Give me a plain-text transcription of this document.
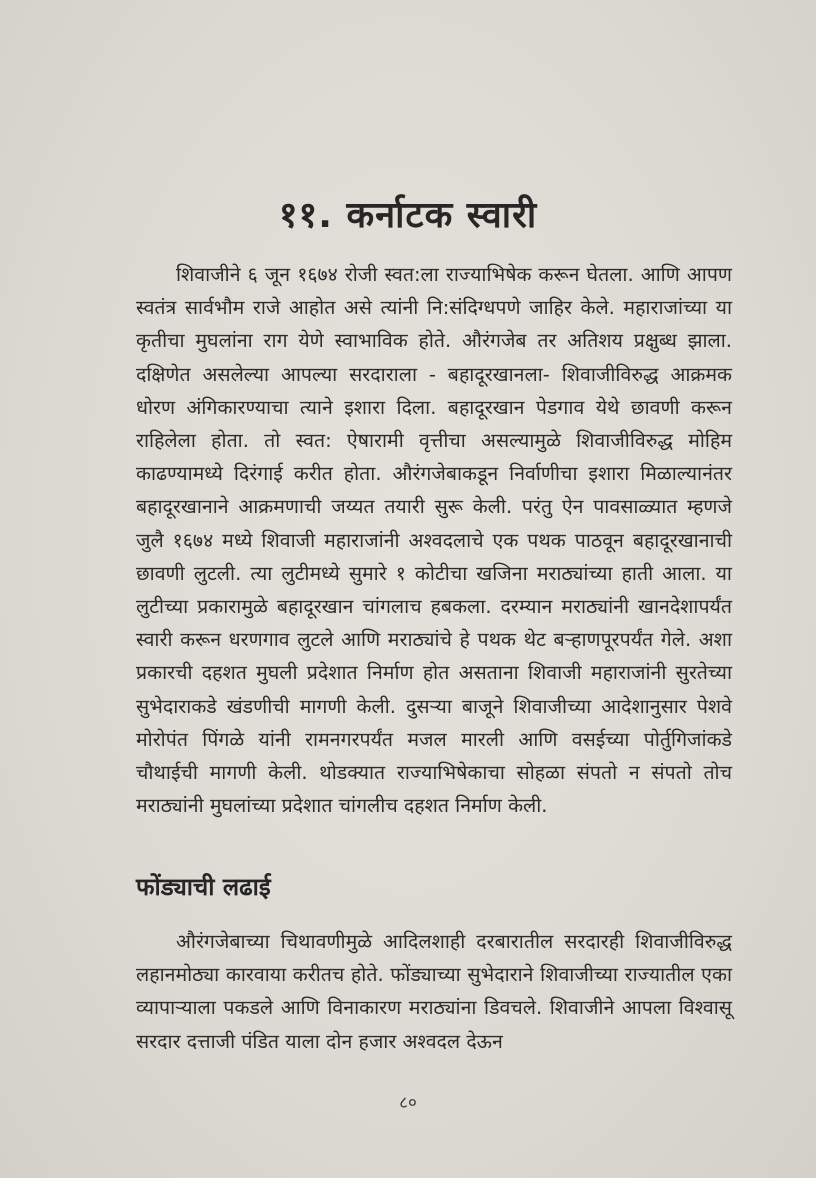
११. कर्नाटक स्वारी

शिवाजीने ६ जून १६७४ रोजी स्वत:ला राज्याभिषेक करून घेतला. आणि आपण स्वतंत्र सार्वभौम राजे आहोत असे त्यांनी नि:संदिग्धपणे जाहिर केले. महाराजांच्या या कृतीचा मुघलांना राग येणे स्वाभाविक होते. औरंगजेब तर अतिशय प्रक्षुब्ध झाला. दक्षिणेत असलेल्या आपल्या सरदाराला - बहादूरखानला- शिवाजीविरुद्ध आक्रमक धोरण अंगिकारण्याचा त्याने इशारा दिला. बहादूरखान पेडगाव येथे छावणी करून राहिलेला होता. तो स्वत: ऐषारामी वृत्तीचा असल्यामुळे शिवाजीविरुद्ध मोहिम काढण्यामध्ये दिरंगाई करीत होता. औरंगजेबाकडून निर्वाणीचा इशारा मिळाल्यानंतर बहादूरखानाने आक्रमणाची जय्यत तयारी सुरू केली. परंतु ऐन पावसाळ्यात म्हणजे जुलै १६७४ मध्ये शिवाजी महाराजांनी अश्वदलाचे एक पथक पाठवून बहादूरखानाची छावणी लुटली. त्या लुटीमध्ये सुमारे १ कोटीचा खजिना मराठ्यांच्या हाती आला. या लुटीच्या प्रकारामुळे बहादूरखान चांगलाच हबकला. दरम्यान मराठ्यांनी खानदेशापर्यंत स्वारी करून धरणगाव लुटले आणि मराठ्यांचे हे पथक थेट बऱ्हाणपूरपर्यंत गेले. अशा प्रकारची दहशत मुघली प्रदेशात निर्माण होत असताना शिवाजी महाराजांनी सुरतेच्या सुभेदाराकडे खंडणीची मागणी केली. दुसऱ्या बाजूने शिवाजीच्या आदेशानुसार पेशवे मोरोपंत पिंगळे यांनी रामनगरपर्यंत मजल मारली आणि वसईच्या पोर्तुगिजांकडे चौथाईची मागणी केली. थोडक्यात राज्याभिषेकाचा सोहळा संपतो न संपतो तोच मराठ्यांनी मुघलांच्या प्रदेशात चांगलीच दहशत निर्माण केली.

फोंड्याची लढाई

औरंगजेबाच्या चिथावणीमुळे आदिलशाही दरबारातील सरदारही शिवाजीविरुद्ध लहानमोठ्या कारवाया करीतच होते. फोंड्याच्या सुभेदाराने शिवाजीच्या राज्यातील एका व्यापाऱ्याला पकडले आणि विनाकारण मराठ्यांना डिवचले. शिवाजीने आपला विश्वासू सरदार दत्ताजी पंडित याला दोन हजार अश्वदल देऊन

८०
